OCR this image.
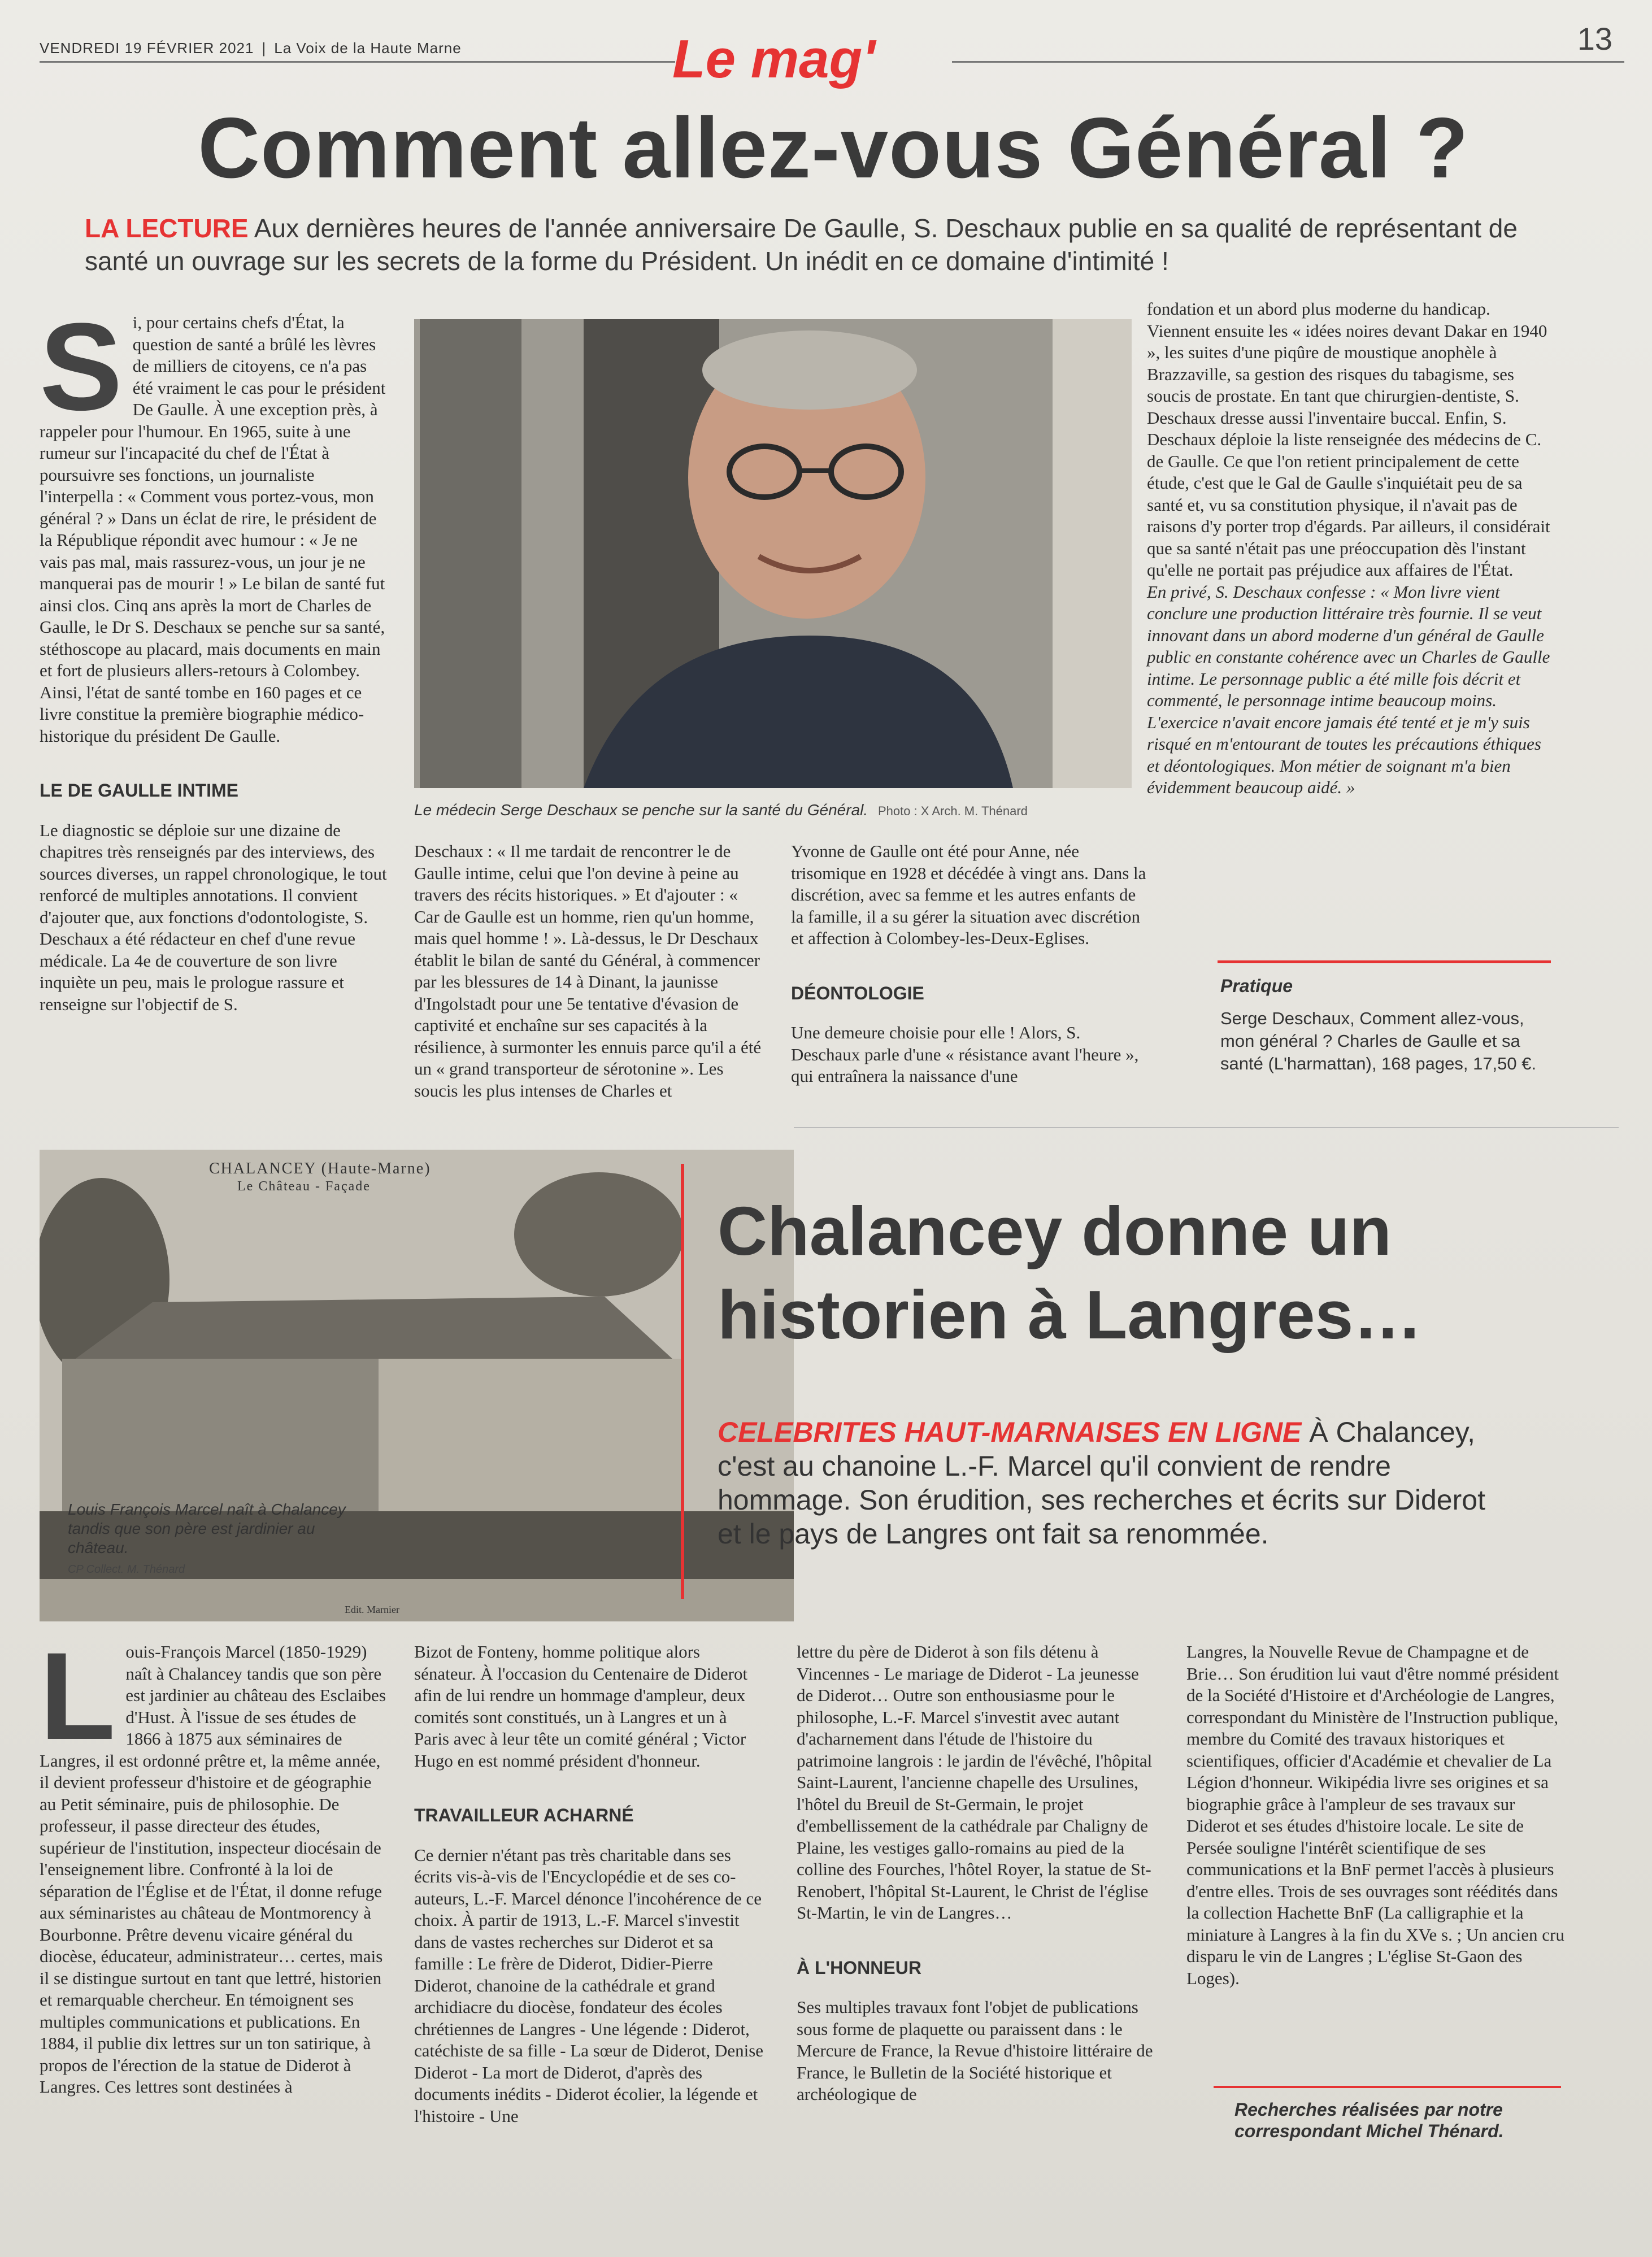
VENDREDI 19 FÉVRIER 2021 | La Voix de la Haute Marne	Le mag'	13
Comment allez-vous Général ?
LA LECTURE Aux dernières heures de l'année anniversaire De Gaulle, S. Deschaux publie en sa qualité de représentant de santé un ouvrage sur les secrets de la forme du Président. Un inédit en ce domaine d'intimité !
S i, pour certains chefs d'État, la question de santé a brûlé les lèvres de milliers de citoyens, ce n'a pas été vraiment le cas pour le président De Gaulle. À une exception près, à rappeler pour l'humour. En 1965, suite à une rumeur sur l'incapacité du chef de l'État à poursuivre ses fonctions, un journaliste l'interpella : « Comment vous portez-vous, mon général ? » Dans un éclat de rire, le président de la République répondit avec humour : « Je ne vais pas mal, mais rassurez-vous, un jour je ne manquerai pas de mourir ! » Le bilan de santé fut ainsi clos. Cinq ans après la mort de Charles de Gaulle, le Dr S. Deschaux se penche sur sa santé, stéthoscope au placard, mais documents en main et fort de plusieurs allers-retours à Colombey. Ainsi, l'état de santé tombe en 160 pages et ce livre constitue la première biographie médico-historique du président De Gaulle.

LE DE GAULLE INTIME

Le diagnostic se déploie sur une dizaine de chapitres très renseignés par des interviews, des sources diverses, un rappel chronologique, le tout renforcé de multiples annotations. Il convient d'ajouter que, aux fonctions d'odontologiste, S. Deschaux a été rédacteur en chef d'une revue médicale. La 4e de couverture de son livre inquiète un peu, mais le prologue rassure et renseigne sur l'objectif de S.

Le médecin Serge Deschaux se penche sur la santé du Général. Photo : X Arch. M. Thénard

Deschaux : « Il me tardait de rencontrer le de Gaulle intime, celui que l'on devine à peine au travers des récits historiques. » Et d'ajouter : « Car de Gaulle est un homme, rien qu'un homme, mais quel homme ! ». Là-dessus, le Dr Deschaux établit le bilan de santé du Général, à commencer par les blessures de 14 à Dinant, la jaunisse d'Ingolstadt pour une 5e tentative d'évasion de captivité et enchaîne sur ses capacités à la résilience, à surmonter les ennuis parce qu'il a été un « grand transporteur de sérotonine ». Les soucis les plus intenses de Charles et

Yvonne de Gaulle ont été pour Anne, née trisomique en 1928 et décédée à vingt ans. Dans la discrétion, avec sa femme et les autres enfants de la famille, il a su gérer la situation avec discrétion et affection à Colombey-les-Deux-Eglises.

DÉONTOLOGIE

Une demeure choisie pour elle ! Alors, S. Deschaux parle d'une « résistance avant l'heure », qui entraînera la naissance d'une

fondation et un abord plus moderne du handicap. Viennent ensuite les « idées noires devant Dakar en 1940 », les suites d'une piqûre de moustique anophèle à Brazzaville, sa gestion des risques du tabagisme, ses soucis de prostate. En tant que chirurgien-dentiste, S. Deschaux dresse aussi l'inventaire buccal. Enfin, S. Deschaux déploie la liste renseignée des médecins de C. de Gaulle. Ce que l'on retient principalement de cette étude, c'est que le Gal de Gaulle s'inquiétait peu de sa santé et, vu sa constitution physique, il n'avait pas de raisons d'y porter trop d'égards. Par ailleurs, il considérait que sa santé n'était pas une préoccupation dès l'instant qu'elle ne portait pas préjudice aux affaires de l'État.

En privé, S. Deschaux confesse : « Mon livre vient conclure une production littéraire très fournie. Il se veut innovant dans un abord moderne d'un général de Gaulle public en constante cohérence avec un Charles de Gaulle intime. Le personnage public a été mille fois décrit et commenté, le personnage intime beaucoup moins. L'exercice n'avait encore jamais été tenté et je m'y suis risqué en m'entourant de toutes les précautions éthiques et déontologiques. Mon métier de soignant m'a bien évidemment beaucoup aidé. »

Pratique
Serge Deschaux, Comment allez-vous, mon général ? Charles de Gaulle et sa santé (L'harmattan), 168 pages, 17,50 €.
CHALANCEY (Haute-Marne)
Le Château - Façade
Edit. Marnier
Louis François Marcel naît à Chalancey tandis que son père est jardinier au château.
CP Collect. M. Thénard
Chalancey donne un historien à Langres…
CELEBRITES HAUT-MARNAISES EN LIGNE À Chalancey, c'est au chanoine L.-F. Marcel qu'il convient de rendre hommage. Son érudition, ses recherches et écrits sur Diderot et le pays de Langres ont fait sa renommée.
L ouis-François Marcel (1850-1929) naît à Chalancey tandis que son père est jardinier au château des Esclaibes d'Hust. À l'issue de ses études de 1866 à 1875 aux séminaires de Langres, il est ordonné prêtre et, la même année, il devient professeur d'histoire et de géographie au Petit séminaire, puis de philosophie. De professeur, il passe directeur des études, supérieur de l'institution, inspecteur diocésain de l'enseignement libre. Confronté à la loi de séparation de l'Église et de l'État, il donne refuge aux séminaristes au château de Montmorency à Bourbonne. Prêtre devenu vicaire général du diocèse, éducateur, administrateur… certes, mais il se distingue surtout en tant que lettré, historien et remarquable chercheur. En témoignent ses multiples communications et publications. En 1884, il publie dix lettres sur un ton satirique, à propos de l'érection de la statue de Diderot à Langres. Ces lettres sont destinées à

Bizot de Fonteny, homme politique alors sénateur. À l'occasion du Centenaire de Diderot afin de lui rendre un hommage d'ampleur, deux comités sont constitués, un à Langres et un à Paris avec à leur tête un comité général ; Victor Hugo en est nommé président d'honneur.

TRAVAILLEUR ACHARNÉ

Ce dernier n'étant pas très charitable dans ses écrits vis-à-vis de l'Encyclopédie et de ses co-auteurs, L.-F. Marcel dénonce l'incohérence de ce choix. À partir de 1913, L.-F. Marcel s'investit dans de vastes recherches sur Diderot et sa famille : Le frère de Diderot, Didier-Pierre Diderot, chanoine de la cathédrale et grand archidiacre du diocèse, fondateur des écoles chrétiennes de Langres - Une légende : Diderot, catéchiste de sa fille - La sœur de Diderot, Denise Diderot - La mort de Diderot, d'après des documents inédits - Diderot écolier, la légende et l'histoire - Une

lettre du père de Diderot à son fils détenu à Vincennes - Le mariage de Diderot - La jeunesse de Diderot… Outre son enthousiasme pour le philosophe, L.-F. Marcel s'investit avec autant d'acharnement dans l'étude de l'histoire du patrimoine langrois : le jardin de l'évêché, l'hôpital Saint-Laurent, l'ancienne chapelle des Ursulines, l'hôtel du Breuil de St-Germain, le projet d'embellissement de la cathédrale par Chaligny de Plaine, les vestiges gallo-romains au pied de la colline des Fourches, l'hôtel Royer, la statue de St-Renobert, l'hôpital St-Laurent, le Christ de l'église St-Martin, le vin de Langres…

À L'HONNEUR

Ses multiples travaux font l'objet de publications sous forme de plaquette ou paraissent dans : le Mercure de France, la Revue d'histoire littéraire de France, le Bulletin de la Société historique et archéologique de

Langres, la Nouvelle Revue de Champagne et de Brie… Son érudition lui vaut d'être nommé président de la Société d'Histoire et d'Archéologie de Langres, correspondant du Ministère de l'Instruction publique, membre du Comité des travaux historiques et scientifiques, officier d'Académie et chevalier de La Légion d'honneur. Wikipédia livre ses origines et sa biographie grâce à l'ampleur de ses travaux sur Diderot et ses études d'histoire locale. Le site de Persée souligne l'intérêt scientifique de ses communications et la BnF permet l'accès à plusieurs d'entre elles. Trois de ses ouvrages sont réédités dans la collection Hachette BnF (La calligraphie et la miniature à Langres à la fin du XVe s. ; Un ancien cru disparu le vin de Langres ; L'église St-Gaon des Loges).

Recherches réalisées par notre correspondant Michel Thénard.
